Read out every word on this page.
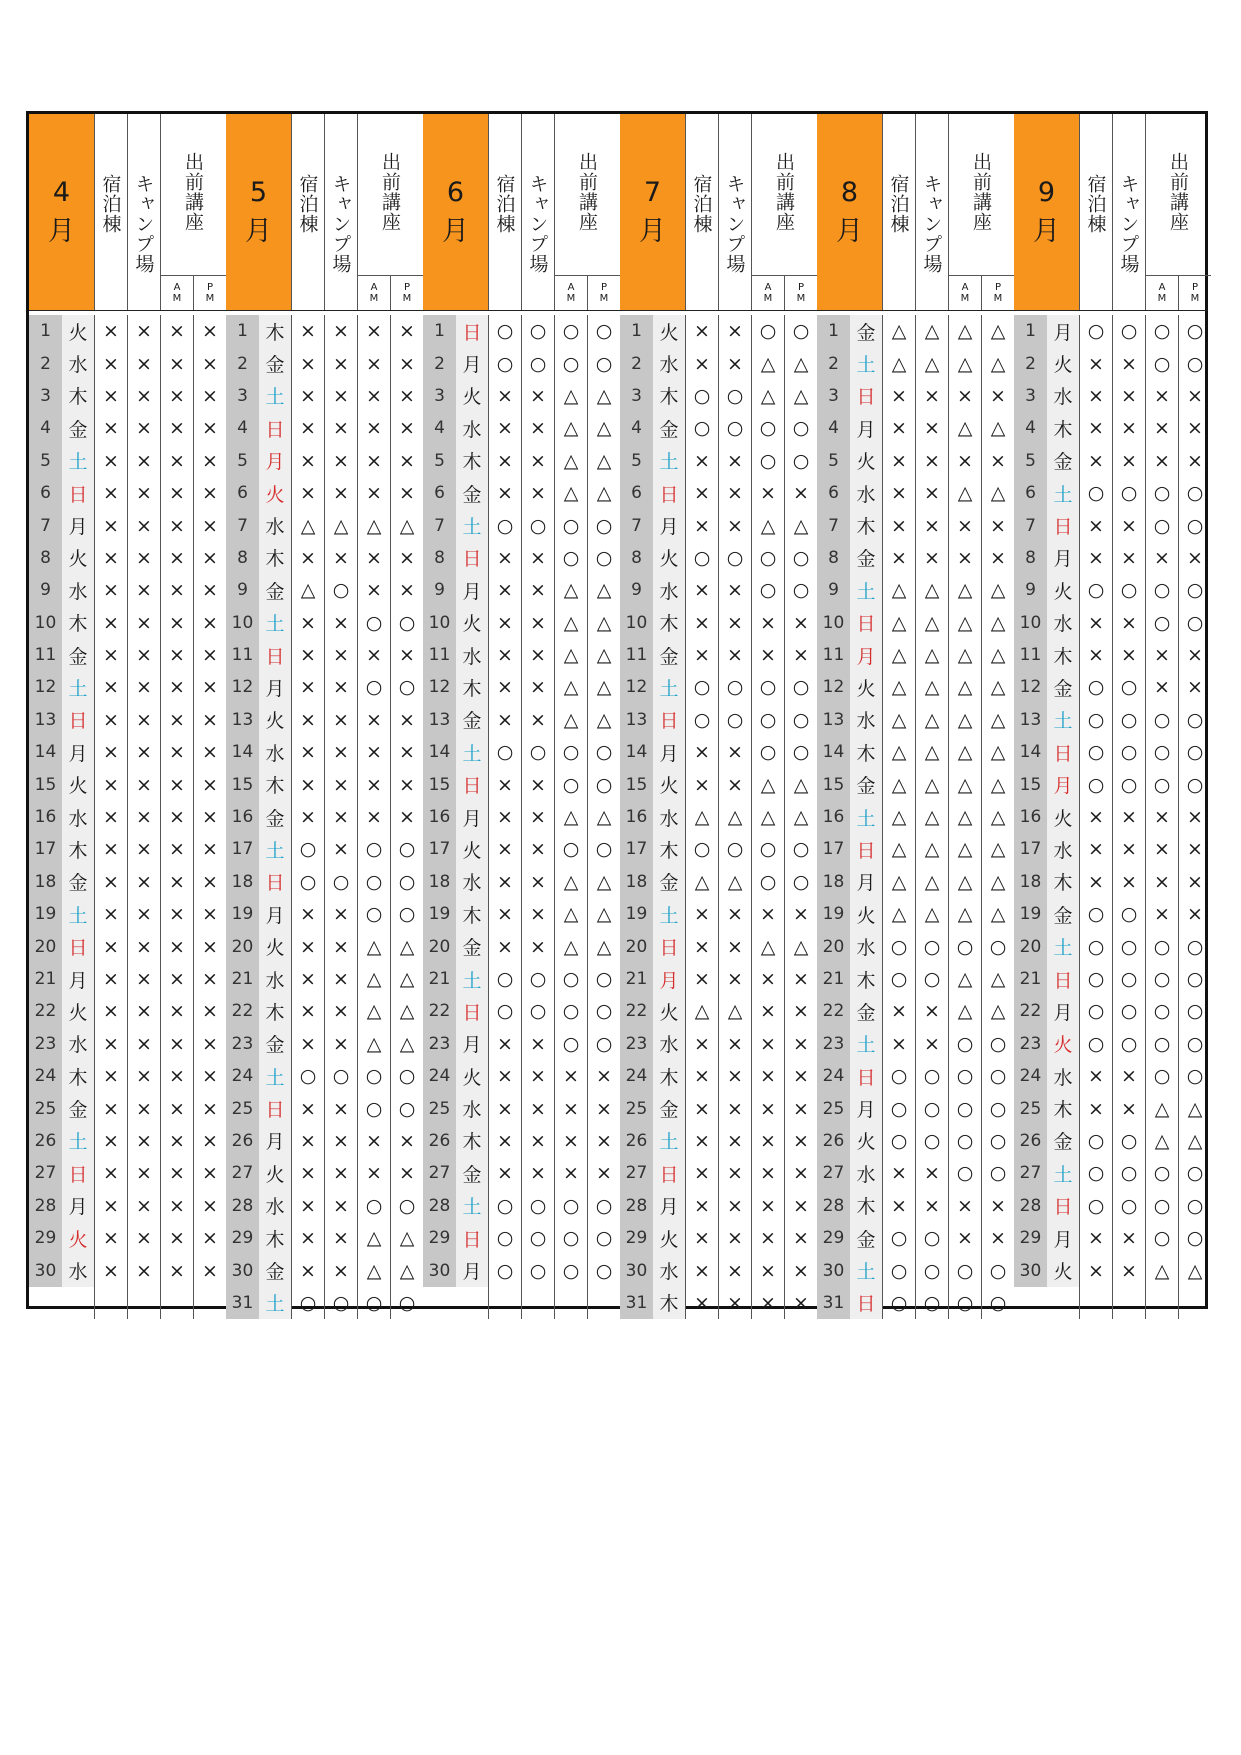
4
月 宿泊棟 キャンプ場 出前講座
A
M
P
M
1 火 × × × ×
2 水 × × × ×
3 木 × × × ×
4 金 × × × ×
5 土 × × × ×
6 日 × × × ×
7 月 × × × ×
8 火 × × × ×
9 水 × × × ×
10 木 × × × ×
11 金 × × × ×
12 土 × × × ×
13 日 × × × ×
14 月 × × × ×
15 火 × × × ×
16 水 × × × ×
17 木 × × × ×
18 金 × × × ×
19 土 × × × ×
20 日 × × × ×
21 月 × × × ×
22 火 × × × ×
23 水 × × × ×
24 木 × × × ×
25 金 × × × ×
26 土 × × × ×
27 日 × × × ×
28 月 × × × ×
29 火 × × × ×
30 水 × × × ×
5
月 宿泊棟 キャンプ場 出前講座
A
M
P
M
1 木 × × × ×
2 金 × × × ×
3 土 × × × ×
4 日 × × × ×
5 月 × × × ×
6 火 × × × ×
7 水 △ △ △ △
8 木 × × × ×
9 金 △ ○ × ×
10 土 × × ○ ○
11 日 × × × ×
12 月 × × ○ ○
13 火 × × × ×
14 水 × × × ×
15 木 × × × ×
16 金 × × × ×
17 土 ○ × ○ ○
18 日 ○ ○ ○ ○
19 月 × × ○ ○
20 火 × × △ △
21 水 × × △ △
22 木 × × △ △
23 金 × × △ △
24 土 ○ ○ ○ ○
25 日 × × ○ ○
26 月 × × × ×
27 火 × × × ×
28 水 × × ○ ○
29 木 × × △ △
30 金 × × △ △
31 土 ○ ○ ○ ○
6
月 宿泊棟 キャンプ場 出前講座
A
M
P
M
1 日 ○ ○ ○ ○
2 月 ○ ○ ○ ○
3 火 × × △ △
4 水 × × △ △
5 木 × × △ △
6 金 × × △ △
7 土 ○ ○ ○ ○
8 日 × × ○ ○
9 月 × × △ △
10 火 × × △ △
11 水 × × △ △
12 木 × × △ △
13 金 × × △ △
14 土 ○ ○ ○ ○
15 日 × × ○ ○
16 月 × × △ △
17 火 × × ○ ○
18 水 × × △ △
19 木 × × △ △
20 金 × × △ △
21 土 ○ ○ ○ ○
22 日 ○ ○ ○ ○
23 月 × × ○ ○
24 火 × × × ×
25 水 × × × ×
26 木 × × × ×
27 金 × × × ×
28 土 ○ ○ ○ ○
29 日 ○ ○ ○ ○
30 月 ○ ○ ○ ○
7
月 宿泊棟 キャンプ場 出前講座
A
M
P
M
1 火 × × ○ ○
2 水 × × △ △
3 木 ○ ○ △ △
4 金 ○ ○ ○ ○
5 土 × × ○ ○
6 日 × × × ×
7 月 × × △ △
8 火 ○ ○ ○ ○
9 水 × × ○ ○
10 木 × × × ×
11 金 × × × ×
12 土 ○ ○ ○ ○
13 日 ○ ○ ○ ○
14 月 × × ○ ○
15 火 × × △ △
16 水 △ △ △ △
17 木 ○ ○ ○ ○
18 金 △ △ ○ ○
19 土 × × × ×
20 日 × × △ △
21 月 × × × ×
22 火 △ △ × ×
23 水 × × × ×
24 木 × × × ×
25 金 × × × ×
26 土 × × × ×
27 日 × × × ×
28 月 × × × ×
29 火 × × × ×
30 水 × × × ×
31 木 × × × ×
8
月 宿泊棟 キャンプ場 出前講座
A
M
P
M
1 金 △ △ △ △
2 土 △ △ △ △
3 日 × × × ×
4 月 × × △ △
5 火 × × × ×
6 水 × × △ △
7 木 × × × ×
8 金 × × × ×
9 土 △ △ △ △
10 日 △ △ △ △
11 月 △ △ △ △
12 火 △ △ △ △
13 水 △ △ △ △
14 木 △ △ △ △
15 金 △ △ △ △
16 土 △ △ △ △
17 日 △ △ △ △
18 月 △ △ △ △
19 火 △ △ △ △
20 水 ○ ○ ○ ○
21 木 ○ ○ △ △
22 金 × × △ △
23 土 × × ○ ○
24 日 ○ ○ ○ ○
25 月 ○ ○ ○ ○
26 火 ○ ○ ○ ○
27 水 × × ○ ○
28 木 × × × ×
29 金 ○ ○ × ×
30 土 ○ ○ ○ ○
31 日 ○ ○ ○ ○
9
月 宿泊棟 キャンプ場 出前講座
A
M
P
M
1 月 ○ ○ ○ ○
2 火 × × ○ ○
3 水 × × × ×
4 木 × × × ×
5 金 × × × ×
6 土 ○ ○ ○ ○
7 日 × × ○ ○
8 月 × × × ×
9 火 ○ ○ ○ ○
10 水 × × ○ ○
11 木 × × × ×
12 金 ○ ○ × ×
13 土 ○ ○ ○ ○
14 日 ○ ○ ○ ○
15 月 ○ ○ ○ ○
16 火 × × × ×
17 水 × × × ×
18 木 × × × ×
19 金 ○ ○ × ×
20 土 ○ ○ ○ ○
21 日 ○ ○ ○ ○
22 月 ○ ○ ○ ○
23 火 ○ ○ ○ ○
24 水 × × ○ ○
25 木 × × △ △
26 金 ○ ○ △ △
27 土 ○ ○ ○ ○
28 日 ○ ○ ○ ○
29 月 × × ○ ○
30 火 × × △ △
